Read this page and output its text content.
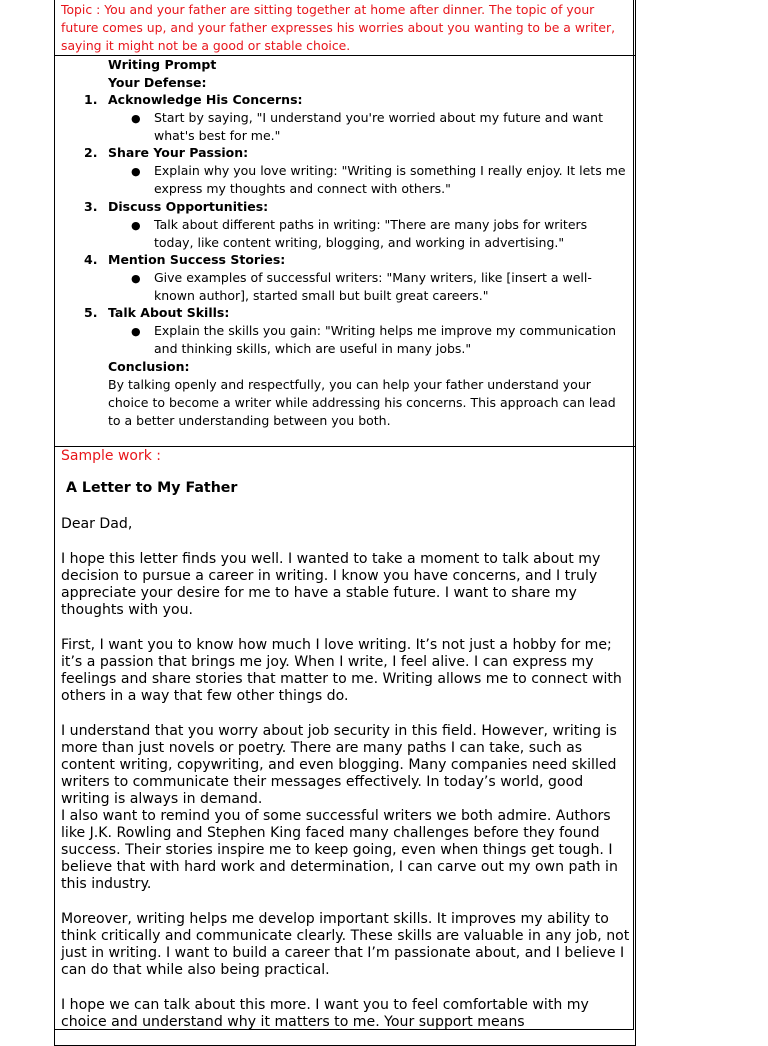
Topic : You and your father are sitting together at home after dinner. The topic of your future comes up, and your father expresses his worries about you wanting to be a writer, saying it might not be a good or stable choice.
Writing Prompt
Your Defense:
1. Acknowledge His Concerns:
● Start by saying, "I understand you're worried about my future and want what's best for me."
2. Share Your Passion:
● Explain why you love writing: "Writing is something I really enjoy. It lets me express my thoughts and connect with others."
3. Discuss Opportunities:
● Talk about different paths in writing: "There are many jobs for writers today, like content writing, blogging, and working in advertising."
4. Mention Success Stories:
● Give examples of successful writers: "Many writers, like [insert a well-known author], started small but built great careers."
5. Talk About Skills:
● Explain the skills you gain: "Writing helps me improve my communication and thinking skills, which are useful in many jobs."
Conclusion:
By talking openly and respectfully, you can help your father understand your choice to become a writer while addressing his concerns. This approach can lead to a better understanding between you both.
Sample work :
A Letter to My Father
Dear Dad,
I hope this letter finds you well. I wanted to take a moment to talk about my decision to pursue a career in writing. I know you have concerns, and I truly appreciate your desire for me to have a stable future. I want to share my thoughts with you.
First, I want you to know how much I love writing. It’s not just a hobby for me; it’s a passion that brings me joy. When I write, I feel alive. I can express my feelings and share stories that matter to me. Writing allows me to connect with others in a way that few other things do.
I understand that you worry about job security in this field. However, writing is more than just novels or poetry. There are many paths I can take, such as content writing, copywriting, and even blogging. Many companies need skilled writers to communicate their messages effectively. In today’s world, good writing is always in demand.
I also want to remind you of some successful writers we both admire. Authors like J.K. Rowling and Stephen King faced many challenges before they found success. Their stories inspire me to keep going, even when things get tough. I believe that with hard work and determination, I can carve out my own path in this industry.
Moreover, writing helps me develop important skills. It improves my ability to think critically and communicate clearly. These skills are valuable in any job, not just in writing. I want to build a career that I’m passionate about, and I believe I can do that while also being practical.
I hope we can talk about this more. I want you to feel comfortable with my choice and understand why it matters to me. Your support means
